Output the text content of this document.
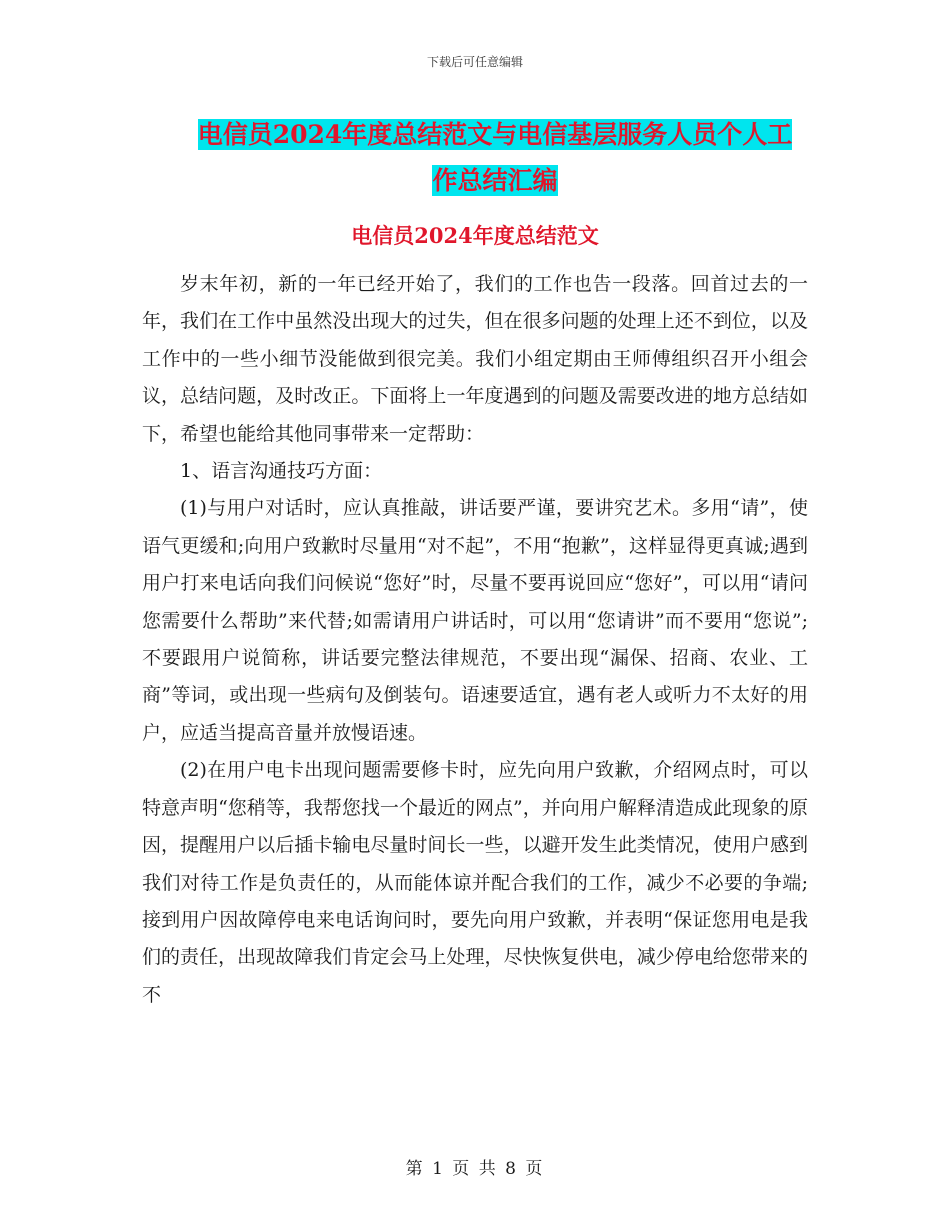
下载后可任意编辑
电信员2024年度总结范文与电信基层服务人员个人工
作总结汇编
电信员2024年度总结范文

岁末年初，新的一年已经开始了，我们的工作也告一段落。回首过去的一年，我们在工作中虽然没出现大的过失，但在很多问题的处理上还不到位，以及工作中的一些小细节没能做到很完美。我们小组定期由王师傅组织召开小组会议，总结问题，及时改正。下面将上一年度遇到的问题及需要改进的地方总结如下，希望也能给其他同事带来一定帮助：

1、语言沟通技巧方面：

(1)与用户对话时，应认真推敲，讲话要严谨，要讲究艺术。多用“请”，使语气更缓和;向用户致歉时尽量用“对不起”，不用“抱歉”，这样显得更真诚;遇到用户打来电话向我们问候说“您好”时，尽量不要再说回应“您好”，可以用“请问您需要什么帮助”来代替;如需请用户讲话时，可以用“您请讲”而不要用“您说”;不要跟用户说简称，讲话要完整法律规范，不要出现“漏保、招商、农业、工商”等词，或出现一些病句及倒装句。语速要适宜，遇有老人或听力不太好的用户，应适当提高音量并放慢语速。

(2)在用户电卡出现问题需要修卡时，应先向用户致歉，介绍网点时，可以特意声明“您稍等，我帮您找一个最近的网点”，并向用户解释清造成此现象的原因，提醒用户以后插卡输电尽量时间长一些，以避开发生此类情况，使用户感到我们对待工作是负责任的，从而能体谅并配合我们的工作，减少不必要的争端;接到用户因故障停电来电话询问时，要先向用户致歉，并表明“保证您用电是我们的责任，出现故障我们肯定会马上处理，尽快恢复供电，减少停电给您带来的不

第 1 页 共 8 页
